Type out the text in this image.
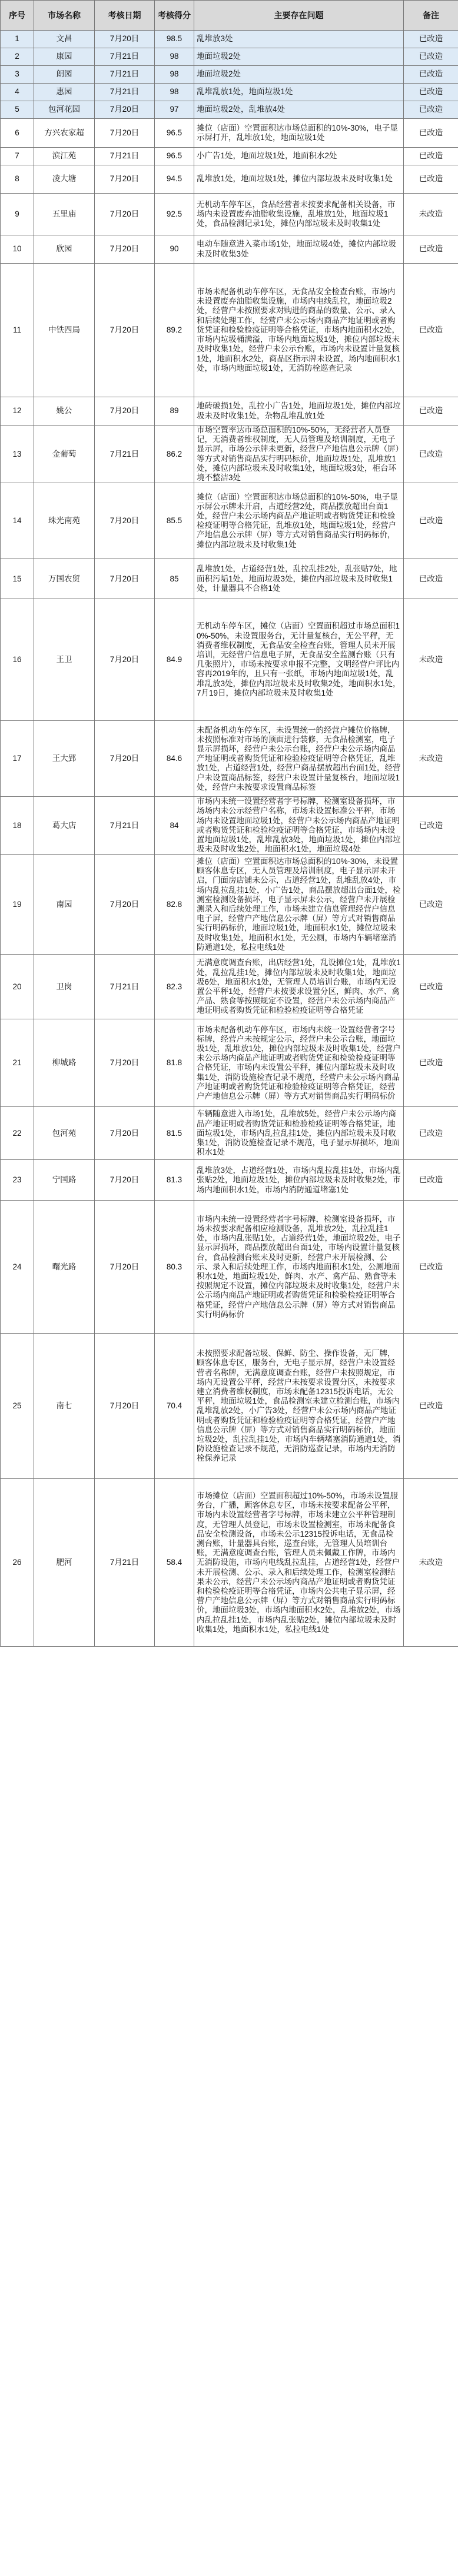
序号	市场名称	考核日期	考核得分	主要存在问题	备注
1	文昌	7月20日	98.5	乱堆放3处	已改造
2	康园	7月21日	98	地面垃圾2处	已改造
3	朗园	7月21日	98	地面垃圾2处	已改造
4	惠园	7月21日	98	乱堆乱放1处，地面垃圾1处	已改造
5	包河花园	7月20日	97	地面垃圾2处，乱堆放4处	已改造
6	方兴农家超	7月20日	96.5	摊位（店面）空置面积达市场总面积的10%-30%，电子显示屏打开，乱堆放1处，地面垃圾1处	已改造
7	滨江苑	7月21日	96.5	小广告1处，地面垃圾1处，地面积水2处	已改造
8	凌大塘	7月20日	94.5	乱堆放1处，地面垃圾1处，摊位内部垃圾未及时收集1处	已改造
9	五里庙	7月20日	92.5	无机动车停车区，食品经营者未按要求配备相关设备，市场内未设置废弃油脂收集设施，乱堆放1处，地面垃圾1处，食品检测记录1处，摊位内部垃圾未及时收集1处	未改造
10	欣园	7月20日	90	电动车随意进入菜市场1处，地面垃圾4处，摊位内部垃圾未及时收集3处	已改造
11	中铁四局	7月20日	89.2	市场未配备机动车停车区，无食品安全检查台账，市场内未设置废弃油脂收集设施，市场内电线乱拉，地面垃圾2处，经营户未按照要求对购进的商品的数量、公示、录入和后续处理工作，经营户未公示场内商品产地证明或者购货凭证和检验检疫证明等合格凭证，市场内地面积水2处，市场内垃圾桶满溢，市场内地面垃圾1处，摊位内部垃圾未及时收集1处，经营户未公示台账，市场内未设置计量复核1处，地面积水2处，商品区指示牌未设置，场内地面积水1处，市场内地面垃圾1处，无消防栓巡查记录	已改造
12	姚公	7月20日	89	地砖破损1处，乱拉小广告1处，地面垃圾1处，摊位内部垃圾未及时收集1处，杂物乱堆乱放1处	已改造
13	金葡萄	7月21日	86.2	市场空置率达市场总面积的10%-50%，无经营者人员登记，无消费者维权制度，无人员管理及培训制度，无电子显示屏，市场公示牌未更新，经营户产地信息公示牌（屏）等方式对销售商品实行明码标价，地面垃圾1处，乱堆放1处，摊位内部垃圾未及时收集1处，地面垃圾3处，柜台环境不整洁3处	已改造
14	珠光南苑	7月20日	85.5	摊位（店面）空置面积达市场总面积的10%-50%，电子显示屏公示牌未开启，占道经营2处，商品摆放超出台面1处，经营户未公示场内商品产地证明或者购货凭证和检验检疫证明等合格凭证，乱堆放1处，地面垃圾1处，经营户产地信息公示牌（屏）等方式对销售商品实行明码标价，摊位内部垃圾未及时收集1处	已改造
15	万国农贸	7月20日	85	乱堆放1处，占道经营1处，乱拉乱挂2处，乱张贴7处，地面积污垢1处，地面垃圾3处，摊位内部垃圾未及时收集1处，计量器具不合格1处	已改造
16	王卫	7月20日	84.9	无机动车停车区，摊位（店面）空置面积超过市场总面积10%-50%，未设置服务台，无计量复核台，无公平秤，无消费者维权制度，无食品安全检查台账，管理人员未开展培训，无经营户信息电子屏，无食品安全监测台账（只有几张照片），市场未按要求申报不完整，文明经营户评比内容再2019年的，且只有一张纸，市场内地面垃圾1处，乱堆乱放3处，摊位内部垃圾未及时收集2处，地面积水1处，7月19日，摊位内部垃圾未及时收集1处	未改造
17	王大郢	7月20日	84.6	未配备机动车停车区，未设置统一的经营户摊位价格牌，未按照标准对市场的顶面进行装修，无食品检测室，电子显示屏损坏，经营户未公示台账，经营户未公示场内商品产地证明或者购货凭证和检验检疫证明等合格凭证，乱堆放1处，占道经营1处，经营户商品摆放超出台面1处，经营户未设置商品标签，经营户未设置计量复核台，地面垃圾1处，经营户未按要求设置商品标签	未改造
18	葛大店	7月21日	84	市场内未统一设置经营者字号标牌，检测室设备损坏，市场场内未公示经营户名称，市场未设置标准公平秤，市场场内未设置地面垃圾1处，经营户未公示场内商品产地证明或者购货凭证和检验检疫证明等合格凭证，市场场内未设置地面垃圾1处，乱堆乱放3处，地面垃圾1处，摊位内部垃圾未及时收集2处，地面积水1处，地面垃圾4处	已改造
19	南园	7月20日	82.8	摊位（店面）空置面积达市场总面积的10%-30%，未设置顾客休息专区，无人员管理及培训制度，电子显示屏未开启，门面房店铺未公示，占道经营1处，乱堆乱放4处，市场内乱拉乱挂1处，小广告1处，商品摆放超出台面1处，检测室检测设备损坏，电子显示屏未公示，经营户未开展检测录入和后续处理工作，市场未建立信息管理经营户信息电子屏，经营户产地信息公示牌（屏）等方式对销售商品实行明码标价，地面垃圾1处，地面积水1处，摊位垃圾未及时收集1处，地面积水1处，无公厕，市场内车辆堵塞消防通道1处，私拉电线1处	已改造
20	卫岗	7月21日	82.3	无满意度调查台账，出店经营1处，乱设摊位1处，乱堆放1处，乱拉乱挂1处，摊位内部垃圾未及时收集1处，地面垃圾6处，地面积水1处，无管理人员培训台账，市场内无设置公平秤1处，经营户未按要求设置分区，鲜肉、水产、禽产品、熟食等按照规定不设置，经营户未公示场内商品产地证明或者购货凭证和检验检疫证明等合格凭证	已改造
21	柳城路	7月20日	81.8	市场未配备机动车停车区，市场内未统一设置经营者字号标牌，经营户未按规定公示，经营户未公示台账，地面垃圾1处，乱堆放1处，摊位内部垃圾未及时收集1处，经营户未公示场内商品产地证明或者购货凭证和检验检疫证明等合格凭证，市场内未设置公平秤，摊位内部垃圾未及时收集1处，消防设施检查记录不规范，经营户未公示场内商品产地证明或者购货凭证和检验检疫证明等合格凭证，经营户产地信息公示牌（屏）等方式对销售商品实行明码标价	已改造
22	包河苑	7月20日	81.5	车辆随意进入市场1处，乱堆放5处，经营户未公示场内商品产地证明或者购货凭证和检验检疫证明等合格凭证，地面垃圾1处，市场内乱拉乱挂1处，摊位内部垃圾未及时收集1处，消防设施检查记录不规范，电子显示屏损坏，地面积水1处	已改造
23	宁国路	7月20日	81.3	乱堆放3处，占道经营1处，市场内乱拉乱挂1处，市场内乱张贴2处，地面垃圾1处，摊位内部垃圾未及时收集2处，市场内地面积水1处，市场内消防通道堵塞1处	已改造
24	曙光路	7月20日	80.3	市场内未统一设置经营者字号标牌，检测室设备损坏，市场未按要求配备相应检测设备，乱堆放2处，乱拉乱挂1处，市场内乱张贴1处，占道经营1处，地面垃圾2处，电子显示屏损坏，商品摆放超出台面1处，市场内设置计量复核台，食品检测台账未及时更新，经营户未开展检测、公示、录入和后续处理工作，市场内地面积水1处，公厕地面积水1处，地面垃圾1处，鲜肉、水产、禽产品、熟食等未按照规定不设置，摊位内部垃圾未及时收集1处，经营户未公示场内商品产地证明或者购货凭证和检验检疫证明等合格凭证，经营户产地信息公示牌（屏）等方式对销售商品实行明码标价	已改造
25	南七	7月20日	70.4	未按照要求配备垃圾、保鲜、防尘、操作设备，无厂牌，顾客休息专区，服务台，无电子显示屏，经营户未设置经营者名称牌，无满意度调查台账，经营户未按照规定，市场内无设置公平秤，经营户未按要求设置分区，未按要求建立消费者维权制度，市场未配备12315投诉电话，无公平秤，地面垃圾1处，食品检测室未建立检测台账，市场内乱堆乱放2处，小广告3处，经营户未公示场内商品产地证明或者购货凭证和检验检疫证明等合格凭证，经营户产地信息公示牌（屏）等方式对销售商品实行明码标价，地面垃圾2处，乱拉乱挂1处，市场内车辆堵塞消防通道1处，消防设施检查记录不规范，无消防巡查记录，市场内无消防栓保养记录	已改造
26	肥河	7月21日	58.4	市场摊位（店面）空置面积超过10%-50%，市场未设置服务台，广播，顾客休息专区，市场未按要求配备公平秤，市场内未设置经营者字号标牌，市场未建立公平秤管理制度，无管理人员登记，市场未设置检测室，市场未配备食品安全检测设备，市场未公示12315投诉电话，无食品检测台账，计量器具台账，巡查台账，无管理人员培训台账，无满意度调查台账，管理人员未佩戴工作牌，市场内无消防设施，市场内电线乱拉乱挂，占道经营1处，经营户未开展检测、公示、录入和后续处理工作，检测室检测结果未公示，经营户未公示场内商品产地证明或者购货凭证和检验检疫证明等合格凭证，市场内公共电子显示屏，经营户产地信息公示牌（屏）等方式对销售商品实行明码标价，地面垃圾3处，市场内地面积水2处，乱堆放2处，市场内乱拉乱挂1处，市场内乱张贴2处，摊位内部垃圾未及时收集1处，地面积水1处，私拉电线1处	未改造
